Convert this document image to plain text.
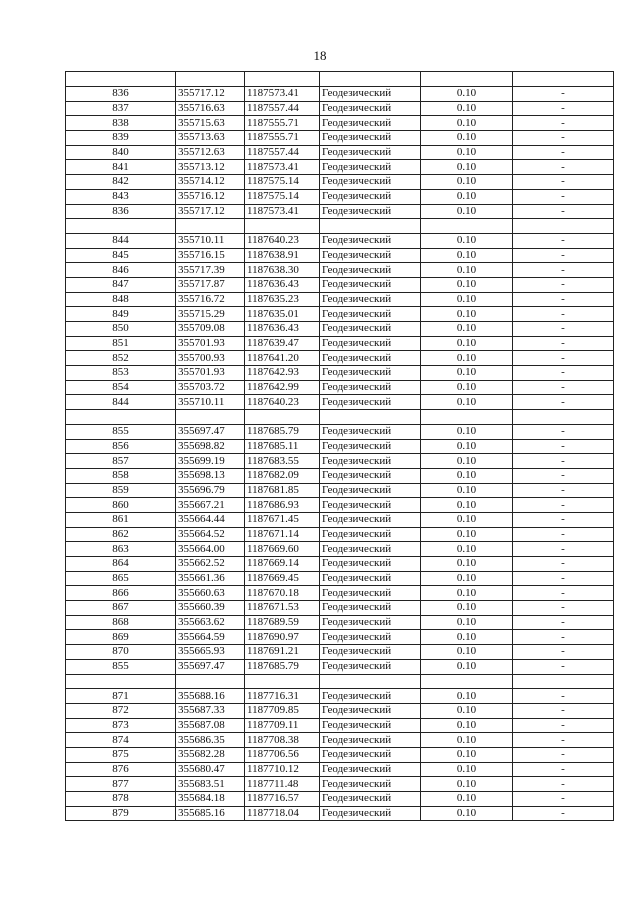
18

836	355717.12	1187573.41	Геодезический	0.10	-
837	355716.63	1187557.44	Геодезический	0.10	-
838	355715.63	1187555.71	Геодезический	0.10	-
839	355713.63	1187555.71	Геодезический	0.10	-
840	355712.63	1187557.44	Геодезический	0.10	-
841	355713.12	1187573.41	Геодезический	0.10	-
842	355714.12	1187575.14	Геодезический	0.10	-
843	355716.12	1187575.14	Геодезический	0.10	-
836	355717.12	1187573.41	Геодезический	0.10	-

844	355710.11	1187640.23	Геодезический	0.10	-
845	355716.15	1187638.91	Геодезический	0.10	-
846	355717.39	1187638.30	Геодезический	0.10	-
847	355717.87	1187636.43	Геодезический	0.10	-
848	355716.72	1187635.23	Геодезический	0.10	-
849	355715.29	1187635.01	Геодезический	0.10	-
850	355709.08	1187636.43	Геодезический	0.10	-
851	355701.93	1187639.47	Геодезический	0.10	-
852	355700.93	1187641.20	Геодезический	0.10	-
853	355701.93	1187642.93	Геодезический	0.10	-
854	355703.72	1187642.99	Геодезический	0.10	-
844	355710.11	1187640.23	Геодезический	0.10	-

855	355697.47	1187685.79	Геодезический	0.10	-
856	355698.82	1187685.11	Геодезический	0.10	-
857	355699.19	1187683.55	Геодезический	0.10	-
858	355698.13	1187682.09	Геодезический	0.10	-
859	355696.79	1187681.85	Геодезический	0.10	-
860	355667.21	1187686.93	Геодезический	0.10	-
861	355664.44	1187671.45	Геодезический	0.10	-
862	355664.52	1187671.14	Геодезический	0.10	-
863	355664.00	1187669.60	Геодезический	0.10	-
864	355662.52	1187669.14	Геодезический	0.10	-
865	355661.36	1187669.45	Геодезический	0.10	-
866	355660.63	1187670.18	Геодезический	0.10	-
867	355660.39	1187671.53	Геодезический	0.10	-
868	355663.62	1187689.59	Геодезический	0.10	-
869	355664.59	1187690.97	Геодезический	0.10	-
870	355665.93	1187691.21	Геодезический	0.10	-
855	355697.47	1187685.79	Геодезический	0.10	-

871	355688.16	1187716.31	Геодезический	0.10	-
872	355687.33	1187709.85	Геодезический	0.10	-
873	355687.08	1187709.11	Геодезический	0.10	-
874	355686.35	1187708.38	Геодезический	0.10	-
875	355682.28	1187706.56	Геодезический	0.10	-
876	355680.47	1187710.12	Геодезический	0.10	-
877	355683.51	1187711.48	Геодезический	0.10	-
878	355684.18	1187716.57	Геодезический	0.10	-
879	355685.16	1187718.04	Геодезический	0.10	-
